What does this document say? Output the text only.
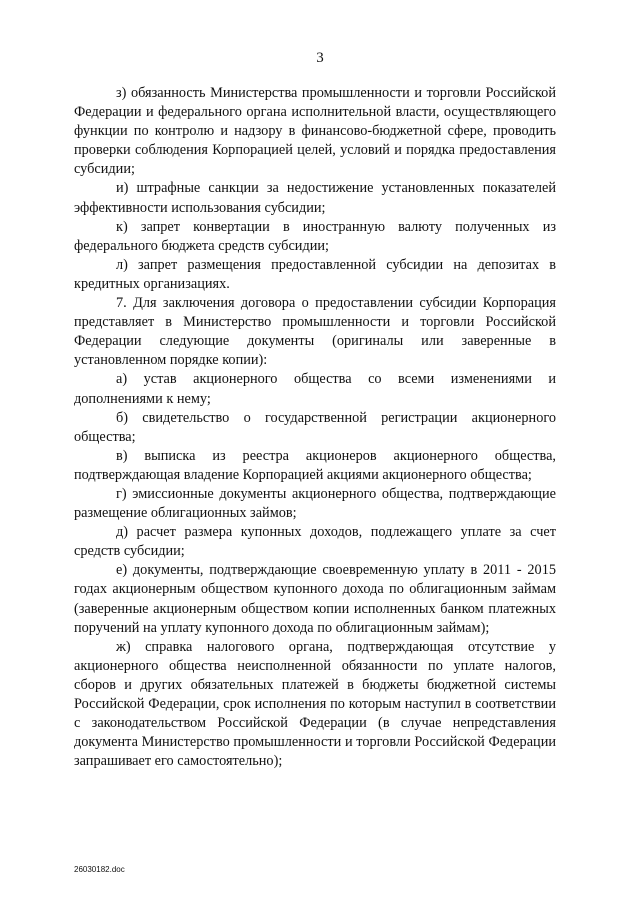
3

з) обязанность Министерства промышленности и торговли Российской Федерации и федерального органа исполнительной власти, осуществляющего функции по контролю и надзору в финансово-бюджетной сфере, проводить проверки соблюдения Корпорацией целей, условий и порядка предоставления субсидии;

и) штрафные санкции за недостижение установленных показателей эффективности использования субсидии;

к) запрет конвертации в иностранную валюту полученных из федерального бюджета средств субсидии;

л) запрет размещения предоставленной субсидии на депозитах в кредитных организациях.

7. Для заключения договора о предоставлении субсидии Корпорация представляет в Министерство промышленности и торговли Российской Федерации следующие документы (оригиналы или заверенные в установленном порядке копии):

а) устав акционерного общества со всеми изменениями и дополнениями к нему;

б) свидетельство о государственной регистрации акционерного общества;

в) выписка из реестра акционеров акционерного общества, подтверждающая владение Корпорацией акциями акционерного общества;

г) эмиссионные документы акционерного общества, подтверждающие размещение облигационных займов;

д) расчет размера купонных доходов, подлежащего уплате за счет средств субсидии;

е) документы, подтверждающие своевременную уплату в 2011 - 2015 годах акционерным обществом купонного дохода по облигационным займам (заверенные акционерным обществом копии исполненных банком платежных поручений на уплату купонного дохода по облигационным займам);

ж) справка налогового органа, подтверждающая отсутствие у акционерного общества неисполненной обязанности по уплате налогов, сборов и других обязательных платежей в бюджеты бюджетной системы Российской Федерации, срок исполнения по которым наступил в соответствии с законодательством Российской Федерации (в случае непредставления документа Министерство промышленности и торговли Российской Федерации запрашивает его самостоятельно);

26030182.doc
